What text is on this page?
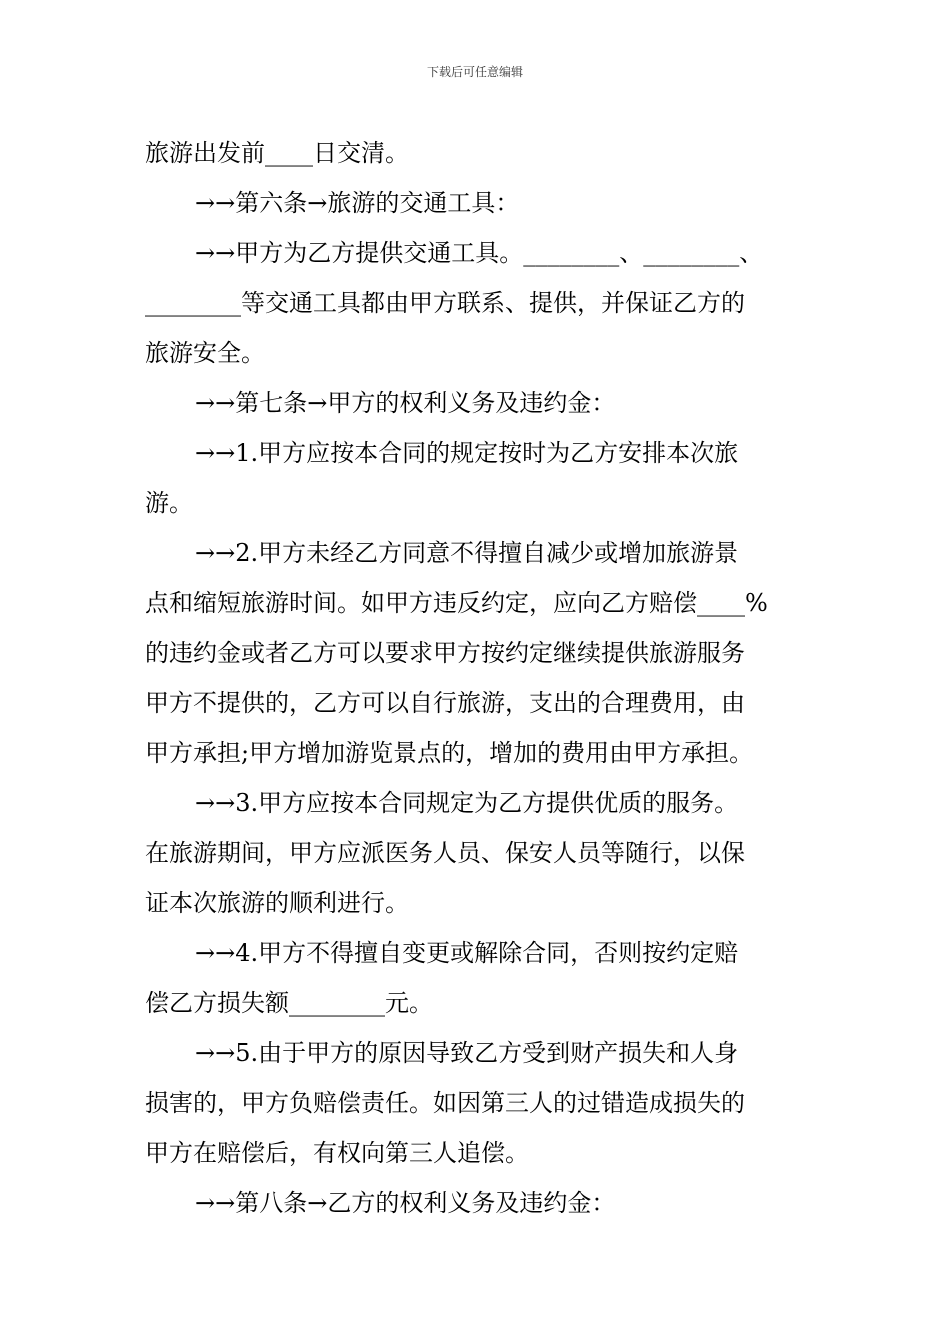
下载后可任意编辑
旅游出发前____日交清。
→→第六条→旅游的交通工具：
→→甲方为乙方提供交通工具。________、________、
________等交通工具都由甲方联系、提供，并保证乙方的
旅游安全。
→→第七条→甲方的权利义务及违约金：
→→1.甲方应按本合同的规定按时为乙方安排本次旅
游。
→→2.甲方未经乙方同意不得擅自减少或增加旅游景
点和缩短旅游时间。如甲方违反约定，应向乙方赔偿____%
的违约金或者乙方可以要求甲方按约定继续提供旅游服务
甲方不提供的，乙方可以自行旅游，支出的合理费用，由
甲方承担;甲方增加游览景点的，增加的费用由甲方承担。
→→3.甲方应按本合同规定为乙方提供优质的服务。
在旅游期间，甲方应派医务人员、保安人员等随行，以保
证本次旅游的顺利进行。
→→4.甲方不得擅自变更或解除合同，否则按约定赔
偿乙方损失额________元。
→→5.由于甲方的原因导致乙方受到财产损失和人身
损害的，甲方负赔偿责任。如因第三人的过错造成损失的
甲方在赔偿后，有权向第三人追偿。
→→第八条→乙方的权利义务及违约金：
